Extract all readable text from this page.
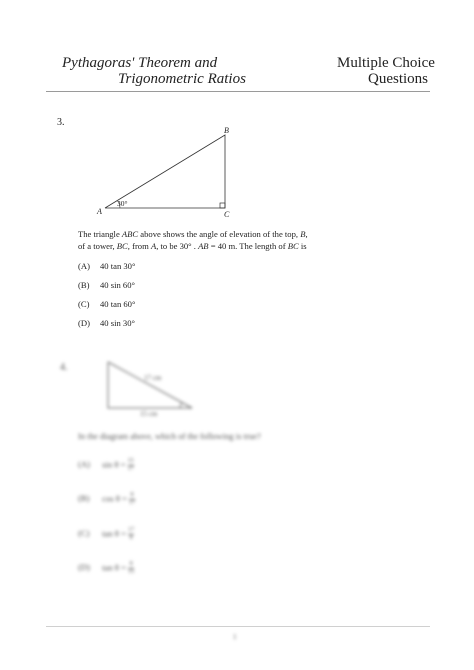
Pythagoras' Theorem and
Trigonometric Ratios
Multiple Choice
Questions
3.
30°
A
B
C
The triangle ABC above shows the angle of elevation of the top, B,
of a tower, BC, from A, to be 30° . AB = 40 m. The length of BC is
(A) 40 tan 30°
(B) 40 sin 60°
(C) 40 tan 60°
(D) 40 sin 30°
4.
17 cm
15 cm
In the diagram above, which of the following is true?
(A) $\sin \theta = \frac{15}{17}$
(B) $\cos \theta = \frac{8}{17}$
(C) $\tan \theta = \frac{17}{8}$
(D) $\tan \theta = \frac{8}{15}$
1
